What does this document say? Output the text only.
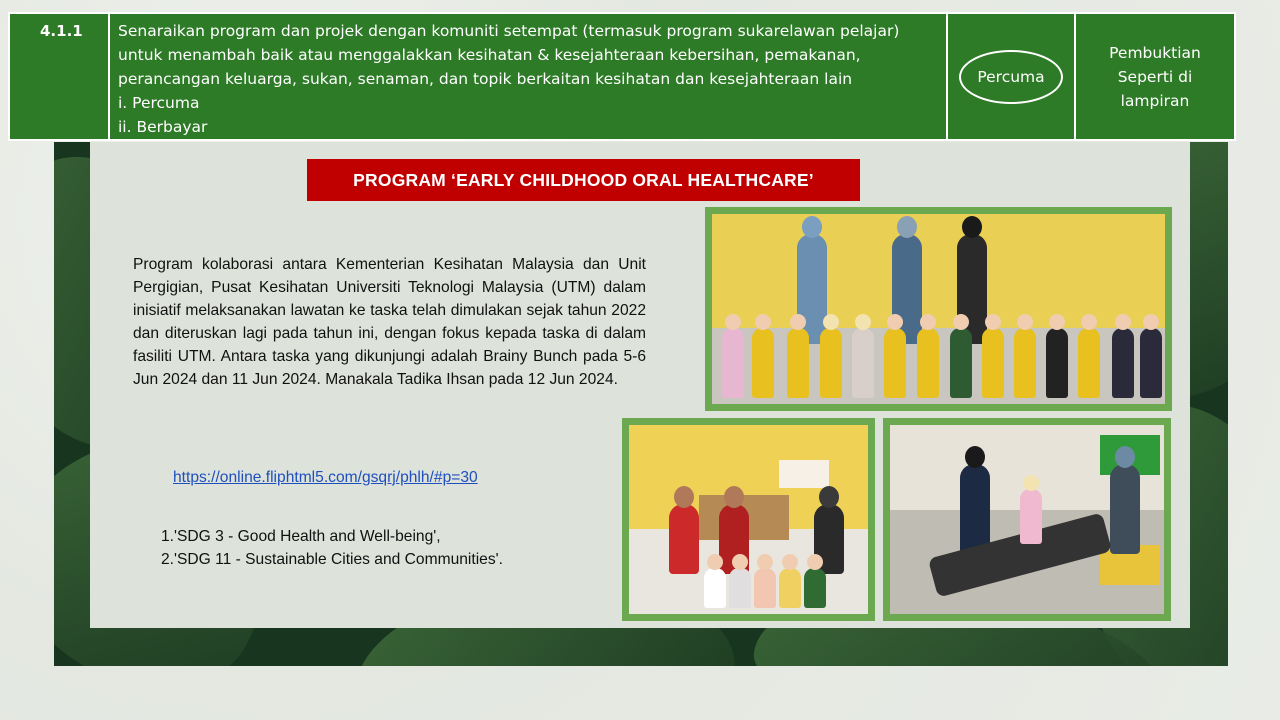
4.1.1	Senaraikan program dan projek dengan komuniti setempat (termasuk program sukarelawan pelajar)
untuk menambah baik atau menggalakkan kesihatan & kesejahteraan kebersihan, pemakanan,
perancangan keluarga, sukan, senaman, dan topik berkaitan kesihatan dan kesejahteraan lain
i. Percuma
ii. Berbayar
Percuma
Pembuktian
Seperti di
lampiran
PROGRAM ‘EARLY CHILDHOOD ORAL HEALTHCARE’
Program kolaborasi antara Kementerian Kesihatan Malaysia dan Unit Pergigian, Pusat Kesihatan Universiti Teknologi Malaysia (UTM) dalam inisiatif melaksanakan lawatan ke taska telah dimulakan sejak tahun 2022 dan diteruskan lagi pada tahun ini, dengan fokus kepada taska di dalam fasiliti UTM. Antara taska yang dikunjungi adalah Brainy Bunch pada 5-6 Jun 2024 dan 11 Jun 2024. Manakala Tadika Ihsan pada 12 Jun 2024.
https://online.fliphtml5.com/gsqrj/phlh/#p=30
1.'SDG 3 - Good Health and Well-being',
2.'SDG 11 - Sustainable Cities and Communities'.
